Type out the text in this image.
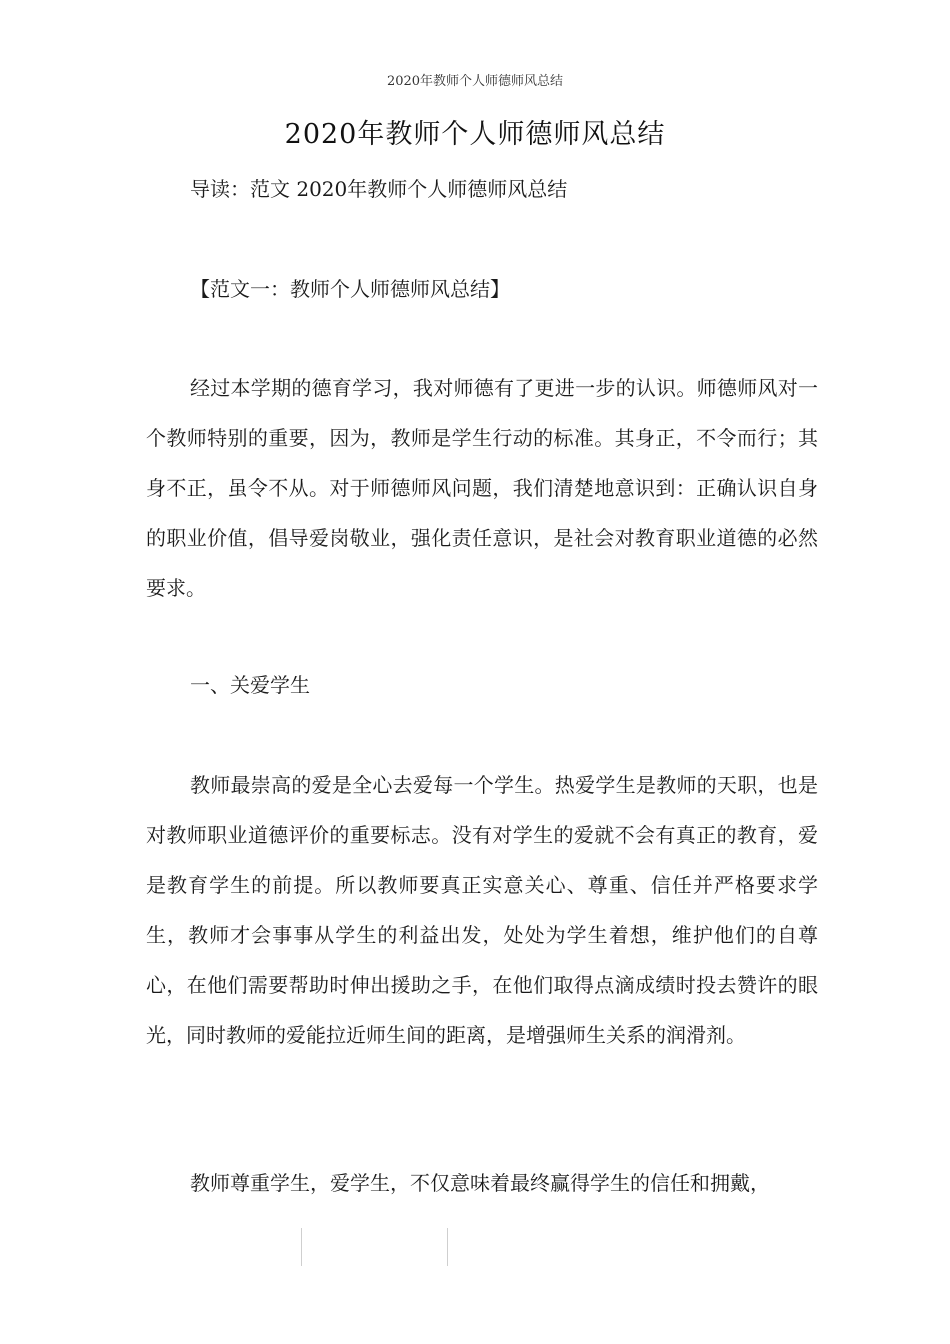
2020年教师个人师德师风总结
2020年教师个人师德师风总结
导读：范文 2020年教师个人师德师风总结
【范文一：教师个人师德师风总结】
经过本学期的德育学习，我对师德有了更进一步的认识。师德师风对一个教师特别的重要，因为，教师是学生行动的标准。其身正，不令而行；其身不正，虽令不从。对于师德师风问题，我们清楚地意识到：正确认识自身的职业价值，倡导爱岗敬业，强化责任意识，是社会对教育职业道德的必然要求。
一、关爱学生
教师最崇高的爱是全心去爱每一个学生。热爱学生是教师的天职，也是对教师职业道德评价的重要标志。没有对学生的爱就不会有真正的教育，爱是教育学生的前提。所以教师要真正实意关心、尊重、信任并严格要求学生，教师才会事事从学生的利益出发，处处为学生着想，维护他们的自尊心，在他们需要帮助时伸出援助之手，在他们取得点滴成绩时投去赞许的眼光，同时教师的爱能拉近师生间的距离，是增强师生关系的润滑剂。
教师尊重学生，爱学生，不仅意味着最终赢得学生的信任和拥戴，
